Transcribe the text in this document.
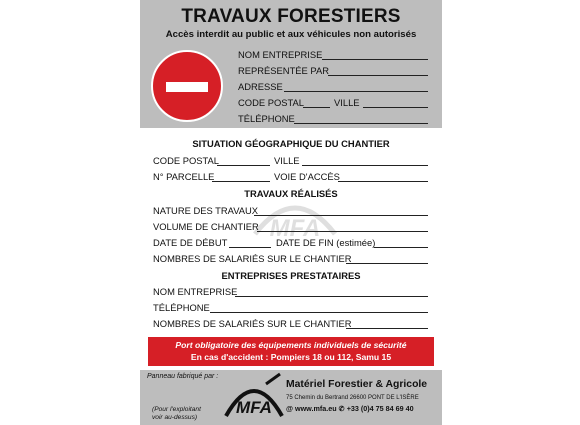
TRAVAUX FORESTIERS
Accès interdit au public et aux véhicules non autorisés
NOM ENTREPRISE
REPRÉSENTÉE PAR
ADRESSE
CODE POSTAL	VILLE
TÉLÉPHONE
MFA
SITUATION GÉOGRAPHIQUE DU CHANTIER
CODE POSTAL	VILLE
N° PARCELLE	VOIE D'ACCÈS
TRAVAUX RÉALISÉS
NATURE DES TRAVAUX
VOLUME DE CHANTIER
DATE DE DÉBUT	DATE DE FIN (estimée)
NOMBRES DE SALARIÉS SUR LE CHANTIER
ENTREPRISES PRESTATAIRES
NOM ENTREPRISE
TÉLÉPHONE
NOMBRES DE SALARIÉS SUR LE CHANTIER
Port obligatoire des équipements individuels de sécurité
En cas d'accident : Pompiers 18 ou 112, Samu 15
Panneau fabriqué par :
(Pour l'exploitant
voir au-dessus)
MFA
Matériel Forestier & Agricole
75 Chemin du Bertrand 26600 PONT DE L'ISÈRE
@ www.mfa.eu ✆ +33 (0)4 75 84 69 40
